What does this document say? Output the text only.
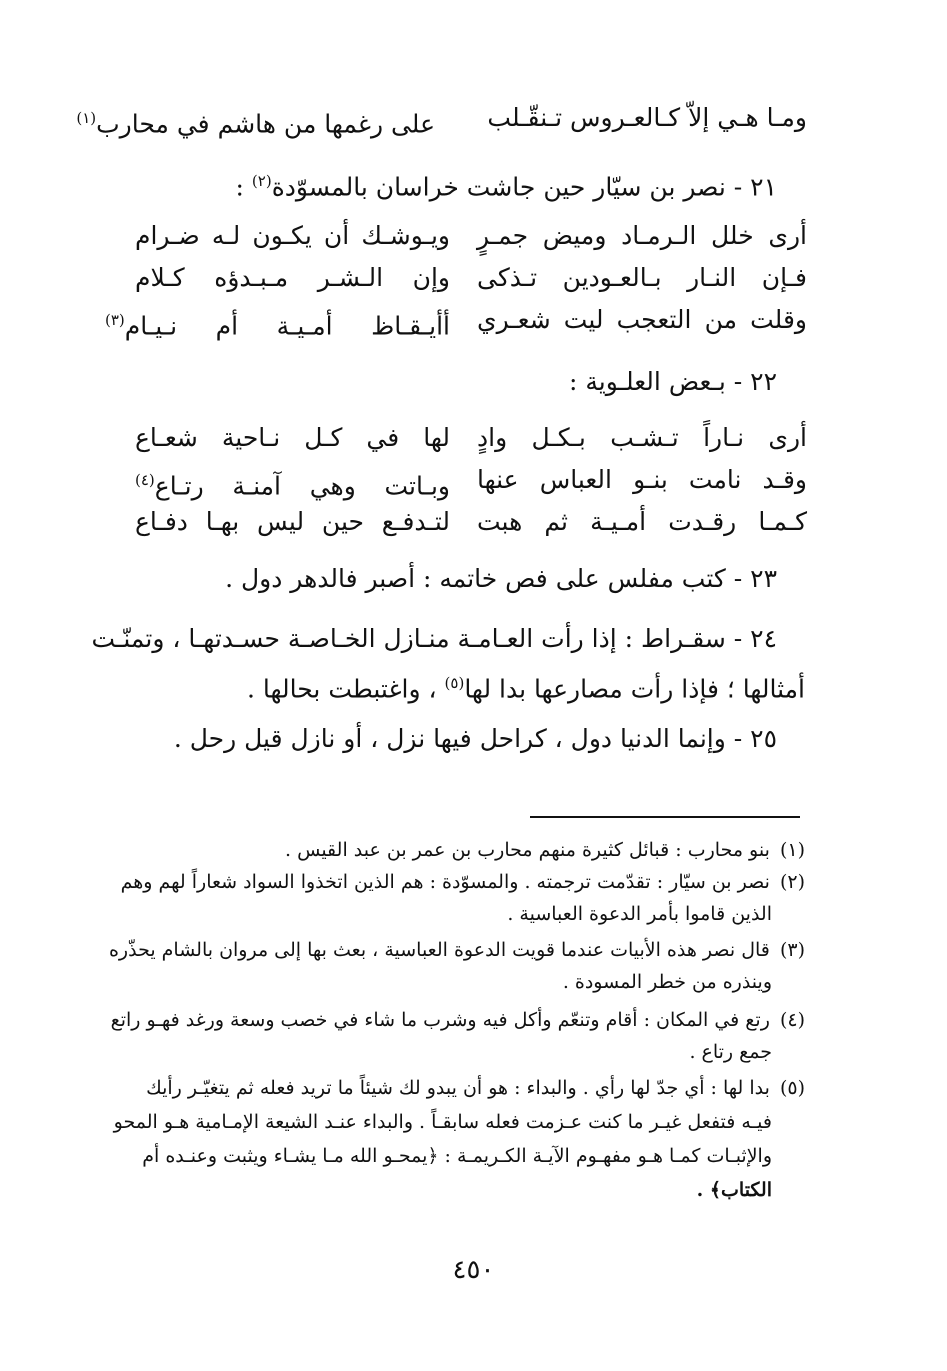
ومـا هـي إلاّ كـالعـروس تـنقّـلب
على رغمها من هاشم في محارب$^{(١)}$
٢١ - نصر بن سيّار حين جاشت خراسان بالمسوّدة$^{(٢)}$ :
أرى خلل الـرمـاد وميض جمـرٍ
ويـوشـك أن يكـون لـه ضـرام
فـإن النـار بـالعـودين تـذكى
وإن الـشـر مـبـدؤه كـلام
وقلت من التعجب ليت شعـري
أأيـقـاظ أمـيـة أم نـيـام$^{(٣)}$
٢٢ - بـعض العلـوية :
أرى نـاراً تـشـب بـكـل وادٍ
لها في كـل نـاحية شعـاع
وقـد نامت بنـو العباس عنها
وبـاتت وهي آمنـة رتـاع$^{(٤)}$
كـمـا رقـدت أمـيـة ثم هبت
لتـدفـع حين ليس بهـا دفـاع
٢٣ - كتب مفلس على فص خاتمه : أصبر فالدهر دول .
٢٤ - سقـراط : إذا رأت العـامـة منـازل الخـاصـة حسـدتهـا ، وتمنّـت
أمثالها ؛ فإذا رأت مصارعها بدا لها$^{(٥)}$ ، واغتبطت بحالها .
٢٥ - وإنما الدنيا دول ، كراحل فيها نزل ، أو نازل قيل رحل .
(١) بنو محارب : قبائل كثيرة منهم محارب بن عمر بن عبد القيس .
(٢) نصر بن سيّار : تقدّمت ترجمته . والمسوّدة : هم الذين اتخذوا السواد شعاراً لهم وهم
الذين قاموا بأمر الدعوة العباسية .
(٣) قال نصر هذه الأبيات عندما قويت الدعوة العباسية ، بعث بها إلى مروان بالشام يحذّره
وينذره من خطر المسودة .
(٤) رتع في المكان : أقام وتنعّم وأكل فيه وشرب ما شاء في خصب وسعة ورغد فهـو راتع
جمع رتاع .
(٥) بدا لها : أي جدّ لها رأي . والبداء : هو أن يبدو لك شيئاً ما تريد فعله ثم يتغيّـر رأيك
فيـه فتفعل غيـر ما كنت عـزمت فعله سابقـاً . والبداء عنـد الشيعة الإمـامية هـو المحو
والإثبـات كمـا هـو مفهـوم الآيـة الكـريمـة : ﴿يمحـو الله مـا يشـاء ويثبت وعنـده أم
الكتاب﴾ .
٤٥٠
